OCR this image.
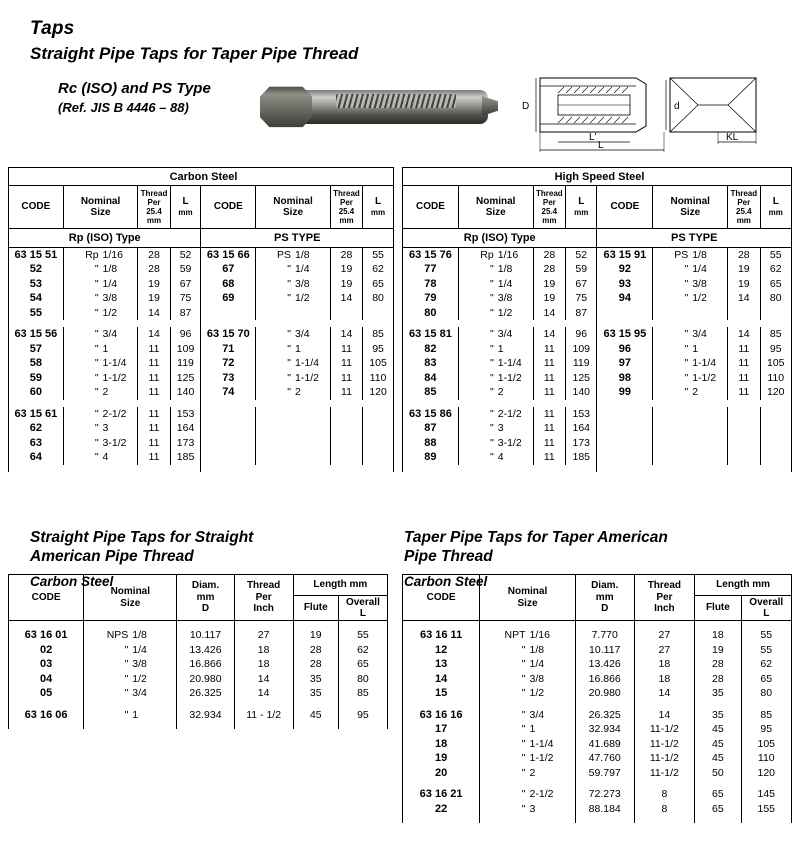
Taps
Straight Pipe Taps for Taper Pipe Thread
Rc (ISO) and PS Type
(Ref. JIS B 4446 – 88)	D	d
L'
L
KL
Carbon Steel							
CODE	Nominal
Size	Thread
Per
25.4
mm	L
mm	CODE	Nominal
Size	Thread
Per
25.4
mm	L
mm
Rp (ISO) Type				PS TYPE			
63 15 51	Rp 1/16	28	52	63 15 66	PS 1/8	28	55
52	" 1/8	28	59	67	" 1/4	19	62
53	" 1/4	19	67	68	" 3/8	19	65
54	" 3/8	19	75	69	" 1/2	14	80
55	" 1/2	14	87				

63 15 56	" 3/4	14	96	63 15 70	" 3/4	14	85
57	" 1	11	109	71	" 1	11	95
58	" 1-1/4	11	119	72	" 1-1/4	11	105
59	" 1-1/2	11	125	73	" 1-1/2	11	110
60	" 2	11	140	74	" 2	11	120

63 15 61	" 2-1/2	11	153				
62	" 3	11	164				
63	" 3-1/2	11	173				
64	" 4	11	185				

High Speed Steel							
CODE	Nominal
Size	Thread
Per
25.4
mm	L
mm	CODE	Nominal
Size	Thread
Per
25.4
mm	L
mm
Rp (ISO) Type				PS TYPE			
63 15 76	Rp 1/16	28	52	63 15 91	PS 1/8	28	55
77	" 1/8	28	59	92	" 1/4	19	62
78	" 1/4	19	67	93	" 3/8	19	65
79	" 3/8	19	75	94	" 1/2	14	80
80	" 1/2	14	87				

63 15 81	" 3/4	14	96	63 15 95	" 3/4	14	85
82	" 1	11	109	96	" 1	11	95
83	" 1-1/4	11	119	97	" 1-1/4	11	105
84	" 1-1/2	11	125	98	" 1-1/2	11	110
85	" 2	11	140	99	" 2	11	120

63 15 86	" 2-1/2	11	153				
87	" 3	11	164				
88	" 3-1/2	11	173				
89	" 4	11	185				

Straight Pipe Taps for Straight
American Pipe Thread
Carbon Steel
Taper Pipe Taps for Taper American
Pipe Thread
Carbon Steel
CODE	Nominal
Size	Diam.
mm
D	Thread
Per
Inch	Length mm	
				Flute	Overall
L

63 16 01	NPS 1/8	10.117	27	19	55
02	" 1/4	13.426	18	28	62
03	" 3/8	16.866	18	28	65
04	" 1/2	20.980	14	35	80
05	" 3/4	26.325	14	35	85

63 16 06	" 1	32.934	11 - 1/2	45	95

CODE	Nominal
Size	Diam.
mm
D	Thread
Per
Inch	Length mm	
				Flute	Overall
L

63 16 11	NPT 1/16	7.770	27	18	55
12	" 1/8	10.117	27	19	55
13	" 1/4	13.426	18	28	62
14	" 3/8	16.866	18	28	65
15	" 1/2	20.980	14	35	80

63 16 16	" 3/4	26.325	14	35	85
17	" 1	32.934	11-1/2	45	95
18	" 1-1/4	41.689	11-1/2	45	105
19	" 1-1/2	47.760	11-1/2	45	110
20	" 2	59.797	11-1/2	50	120

63 16 21	" 2-1/2	72.273	8	65	145
22	" 3	88.184	8	65	155
